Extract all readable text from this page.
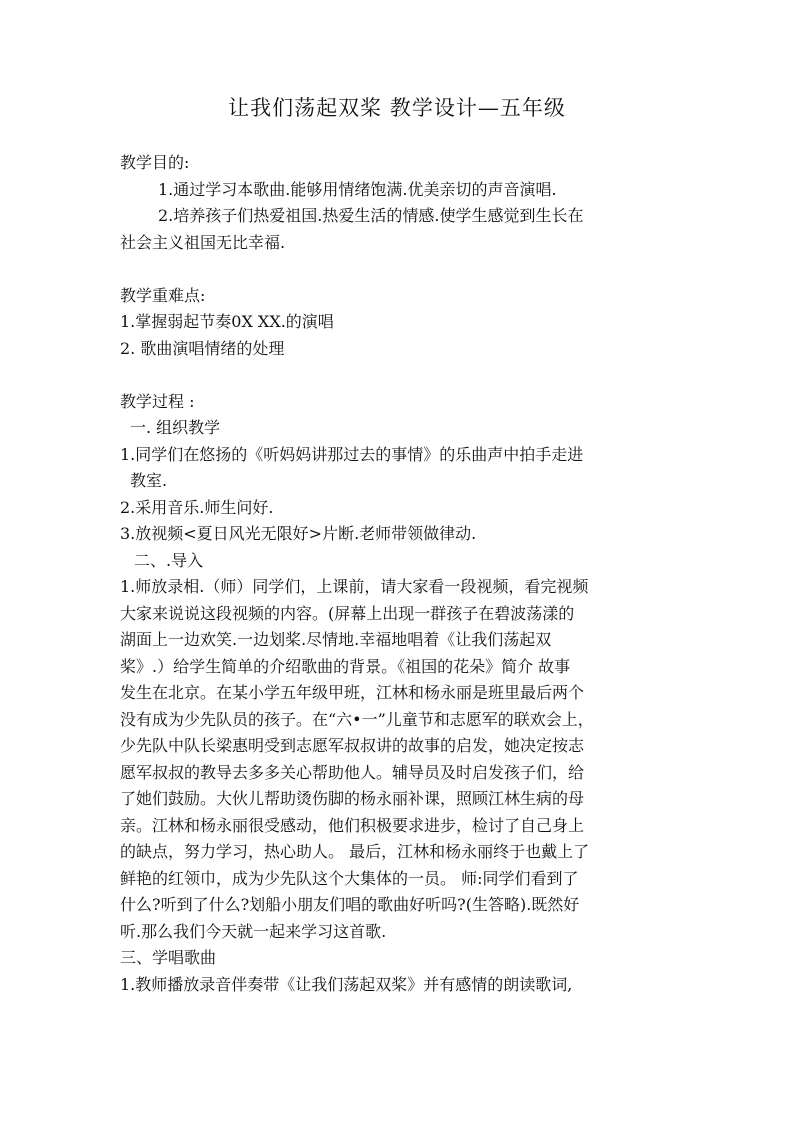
让我们荡起双桨 教学设计—五年级

教学目的:

1.通过学习本歌曲.能够用情绪饱满.优美亲切的声音演唱.

2.培养孩子们热爱祖国.热爱生活的情感.使学生感觉到生长在

社会主义祖国无比幸福.

教学重难点:

1.掌握弱起节奏0X XX.的演唱

2. 歌曲演唱情绪的处理

教学过程 :

一. 组织教学

1.同学们在悠扬的《听妈妈讲那过去的事情》的乐曲声中拍手走进

教室.

2.采用音乐.师生问好.

3.放视频<夏日风光无限好>片断.老师带领做律动.

二、.导入

1.师放录相.（师）同学们，上课前，请大家看一段视频，看完视频

大家来说说这段视频的内容。(屏幕上出现一群孩子在碧波荡漾的

湖面上一边欢笑.一边划桨.尽情地.幸福地唱着《让我们荡起双

桨》.）给学生简单的介绍歌曲的背景。《祖国的花朵》简介 故事

发生在北京。在某小学五年级甲班，江林和杨永丽是班里最后两个

没有成为少先队员的孩子。在“六•一”儿童节和志愿军的联欢会上，

少先队中队长梁惠明受到志愿军叔叔讲的故事的启发，她决定按志

愿军叔叔的教导去多多关心帮助他人。辅导员及时启发孩子们，给

了她们鼓励。大伙儿帮助烫伤脚的杨永丽补课，照顾江林生病的母

亲。江林和杨永丽很受感动，他们积极要求进步，检讨了自己身上

的缺点，努力学习，热心助人。 最后，江林和杨永丽终于也戴上了

鲜艳的红领巾，成为少先队这个大集体的一员。 师:同学们看到了

什么?听到了什么?划船小朋友们唱的歌曲好听吗?(生答略).既然好

听.那么我们今天就一起来学习这首歌.

三、学唱歌曲

1.教师播放录音伴奏带《让我们荡起双桨》并有感情的朗读歌词,
